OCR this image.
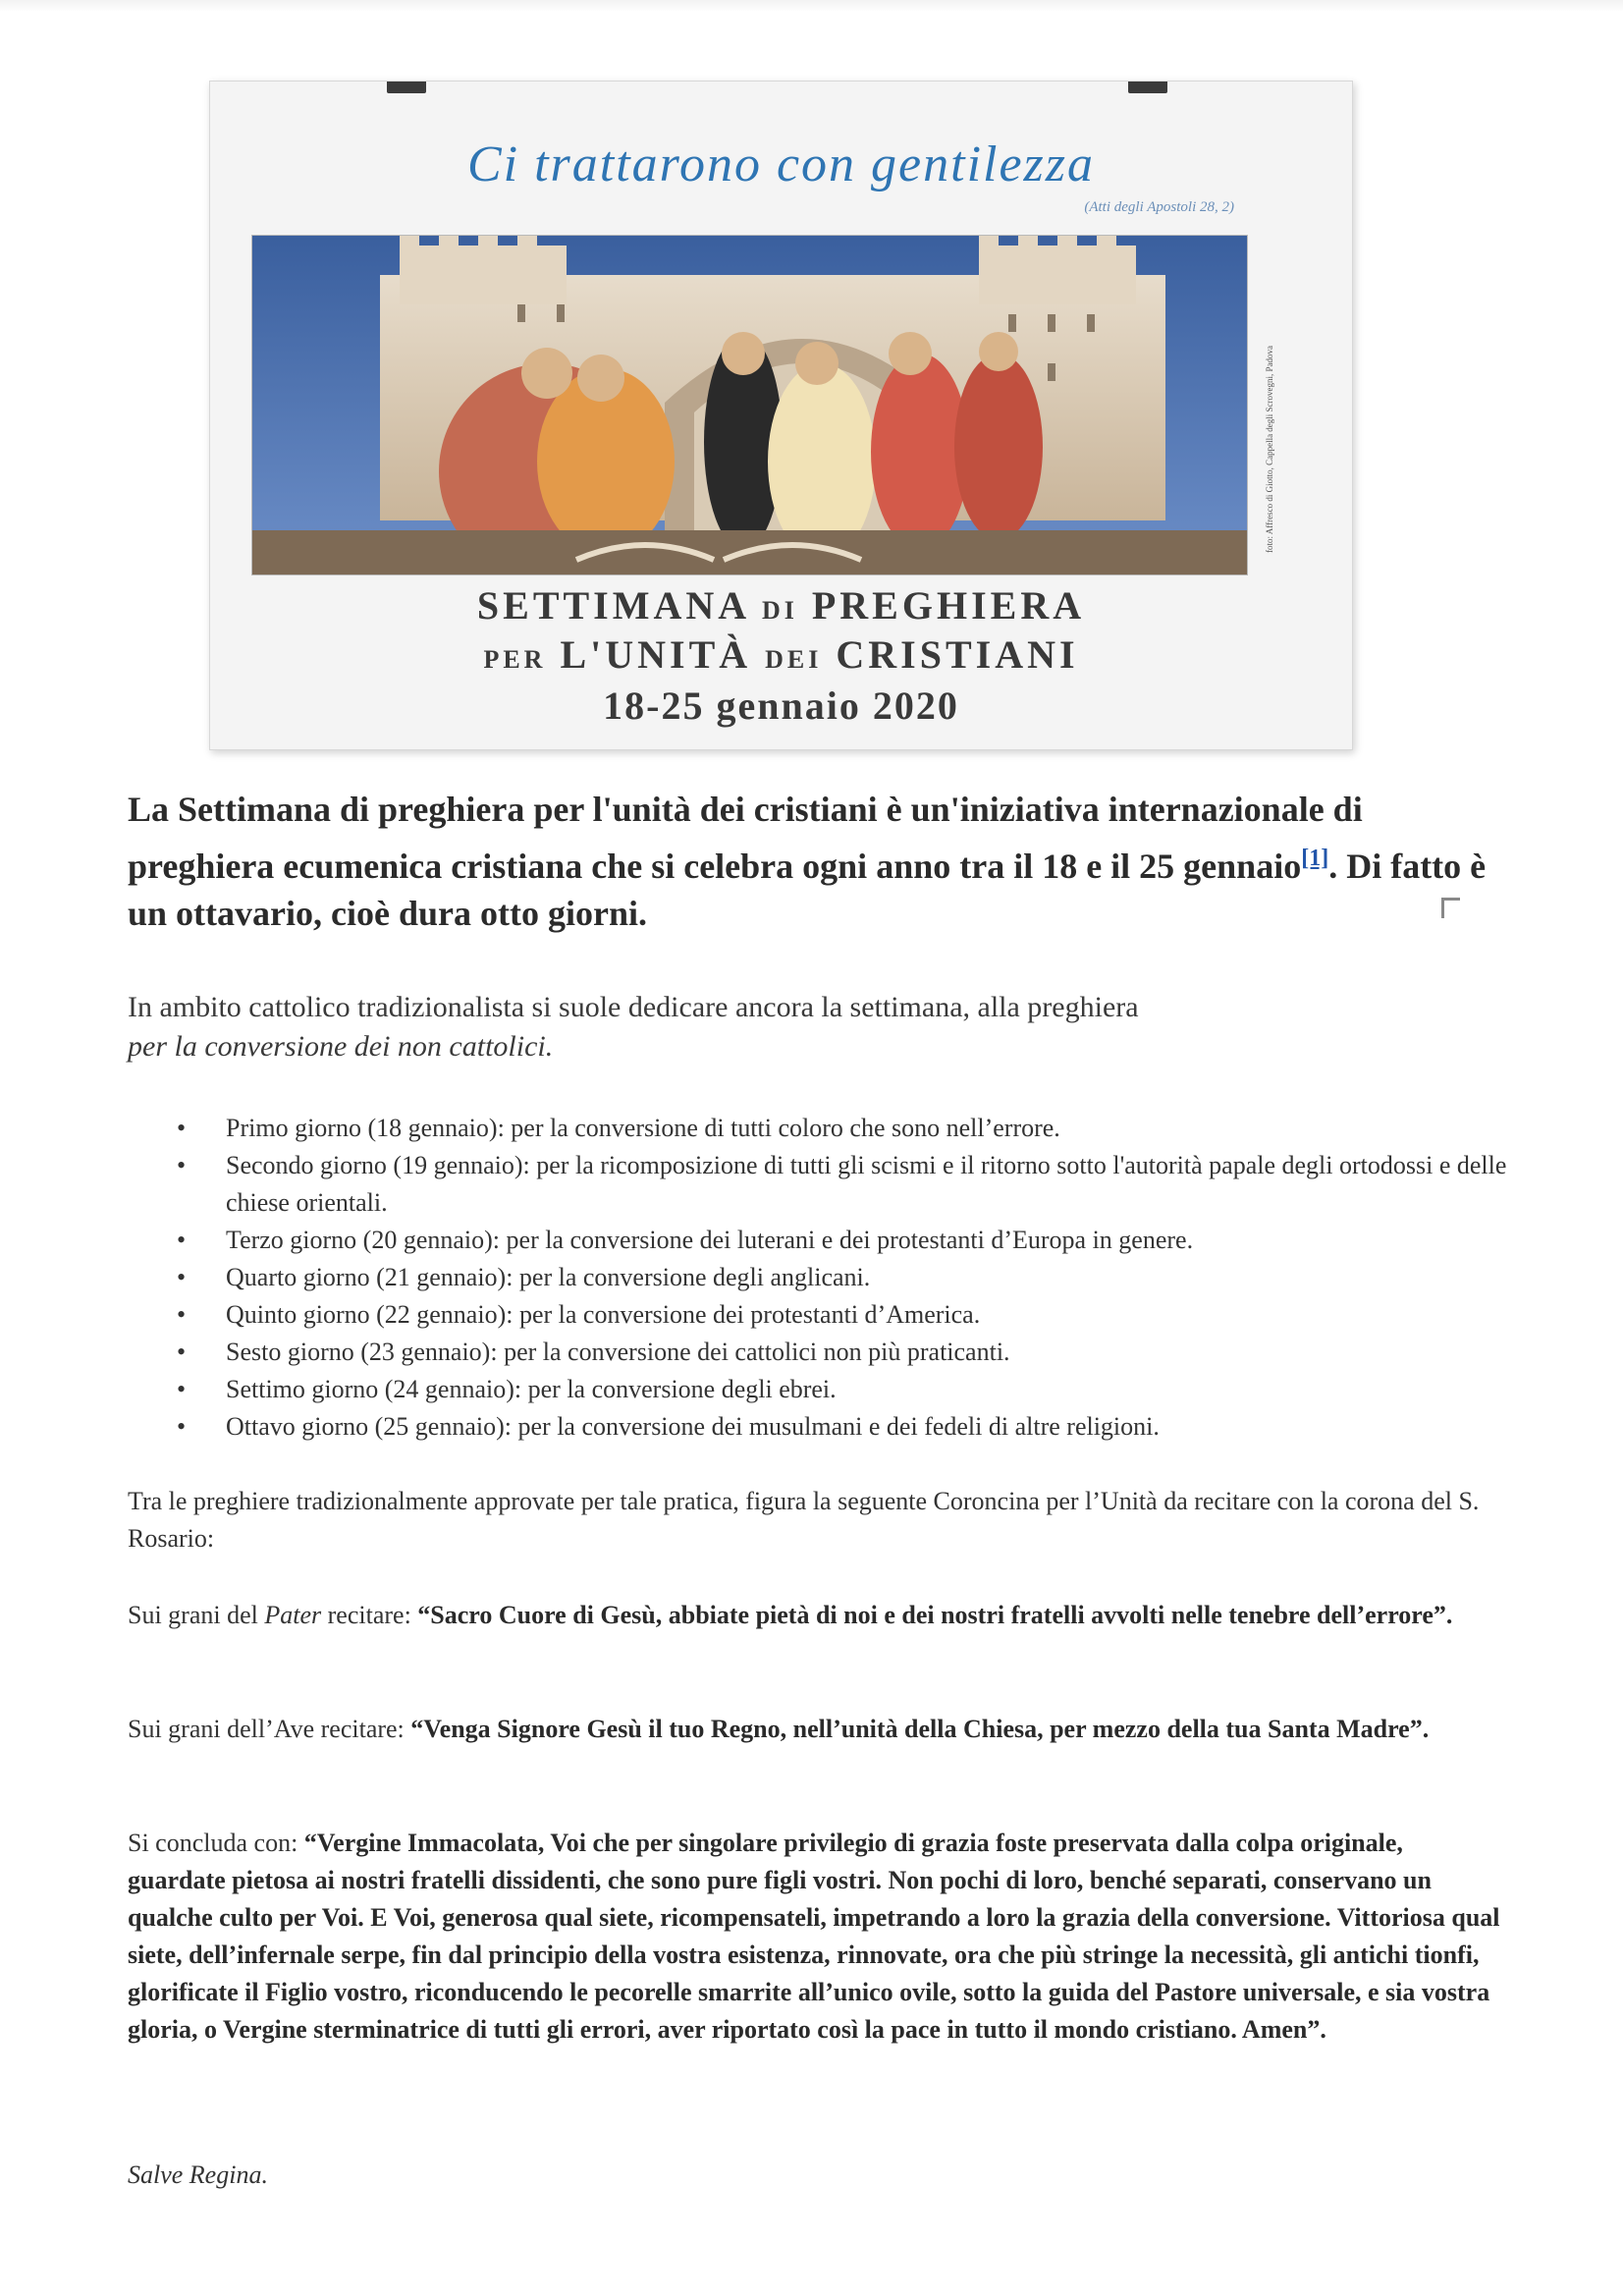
Ci trattarono con gentilezza
(Atti degli Apostoli 28, 2)
foto: Affresco di Giotto, Cappella degli Scrovegni, Padova
SETTIMANA DI PREGHIERA
PER L'UNITÀ DEI CRISTIANI
18-25 gennaio 2020
La Settimana di preghiera per l'unità dei cristiani è un'iniziativa internazionale di preghiera ecumenica cristiana che si celebra ogni anno tra il 18 e il 25 gennaio[1]. Di fatto è un ottavario, cioè dura otto giorni.
In ambito cattolico tradizionalista si suole dedicare ancora la settimana, alla preghiera
per la conversione dei non cattolici.
• Primo giorno (18 gennaio): per la conversione di tutti coloro che sono nell’errore.
• Secondo giorno (19 gennaio): per la ricomposizione di tutti gli scismi e il ritorno sotto l'autorità papale degli ortodossi e delle chiese orientali.
• Terzo giorno (20 gennaio): per la conversione dei luterani e dei protestanti d’Europa in genere.
• Quarto giorno (21 gennaio): per la conversione degli anglicani.
• Quinto giorno (22 gennaio): per la conversione dei protestanti d’America.
• Sesto giorno (23 gennaio): per la conversione dei cattolici non più praticanti.
• Settimo giorno (24 gennaio): per la conversione degli ebrei.
• Ottavo giorno (25 gennaio): per la conversione dei musulmani e dei fedeli di altre religioni.
Tra le preghiere tradizionalmente approvate per tale pratica, figura la seguente Coroncina per l’Unità da recitare con la corona del S. Rosario:
Sui grani del Pater recitare: “Sacro Cuore di Gesù, abbiate pietà di noi e dei nostri fratelli avvolti nelle tenebre dell’errore”.
Sui grani dell’Ave recitare: “Venga Signore Gesù il tuo Regno, nell’unità della Chiesa, per mezzo della tua Santa Madre”.
Si concluda con: “Vergine Immacolata, Voi che per singolare privilegio di grazia foste preservata dalla colpa originale, guardate pietosa ai nostri fratelli dissidenti, che sono pure figli vostri. Non pochi di loro, benché separati, conservano un qualche culto per Voi. E Voi, generosa qual siete, ricompensateli, impetrando a loro la grazia della conversione. Vittoriosa qual siete, dell’infernale serpe, fin dal principio della vostra esistenza, rinnovate, ora che più stringe la necessità, gli antichi tionfi, glorificate il Figlio vostro, riconducendo le pecorelle smarrite all’unico ovile, sotto la guida del Pastore universale, e sia vostra gloria, o Vergine sterminatrice di tutti gli errori, aver riportato così la pace in tutto il mondo cristiano. Amen”.
Salve Regina.
